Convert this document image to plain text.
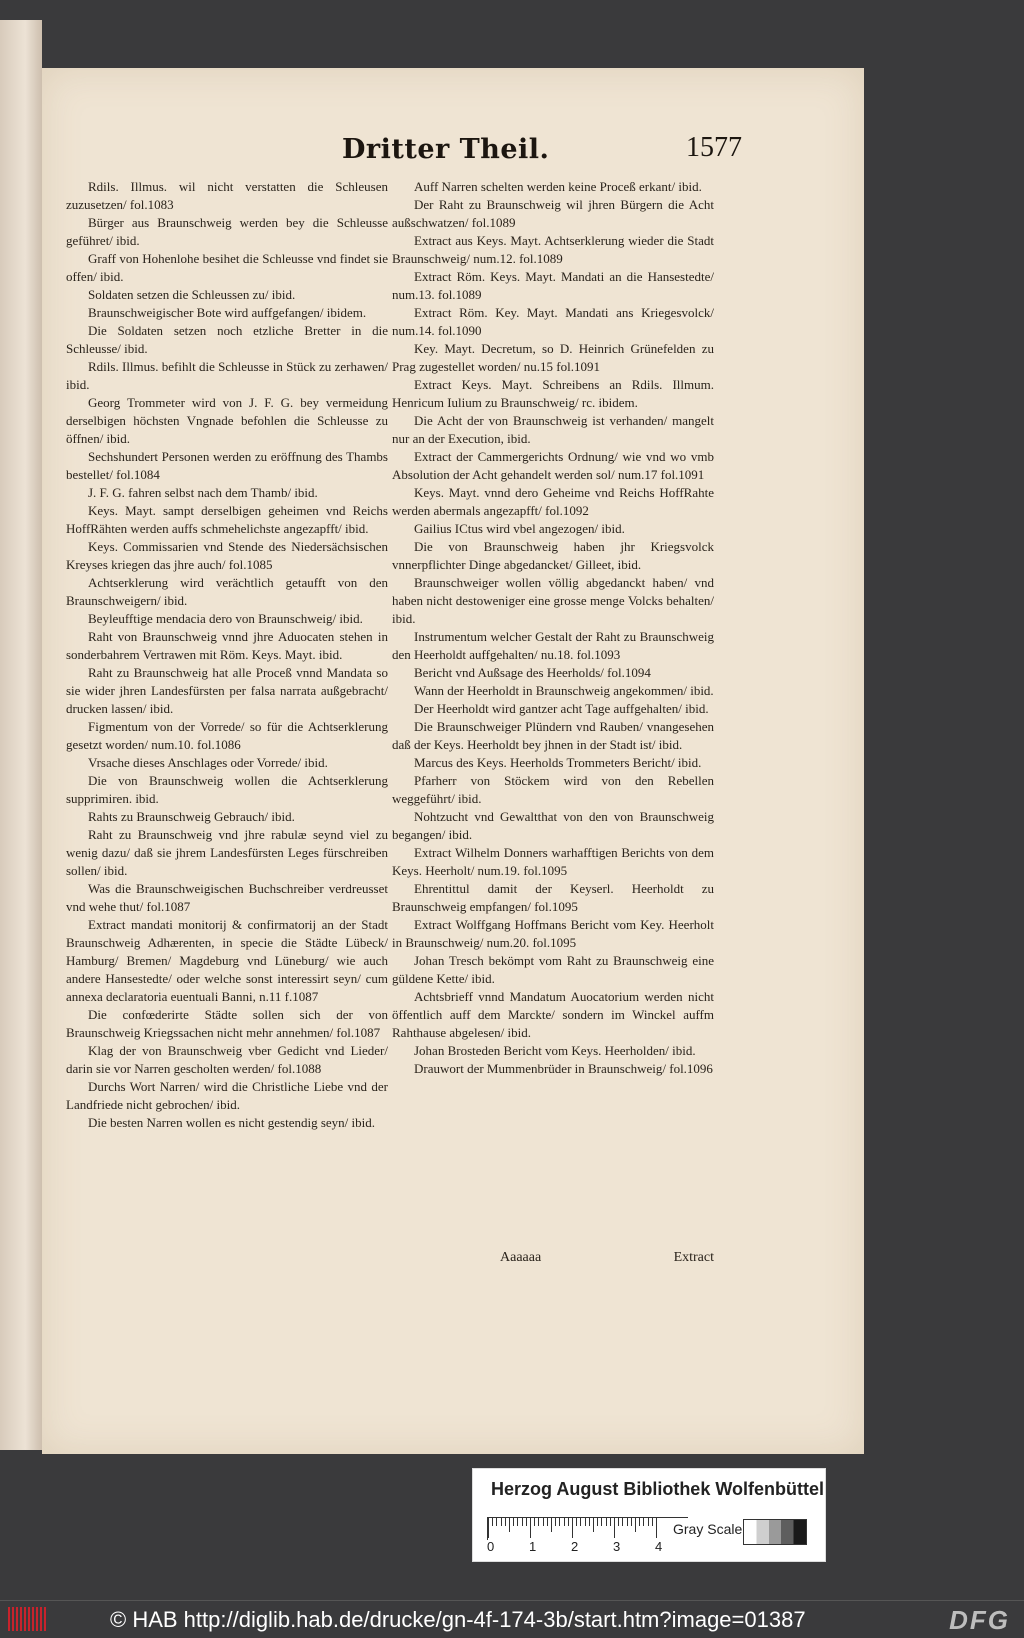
Dritter Theil.	1577
Rdils. Illmus. wil nicht verstatten die Schleusen zuzusetzen/ fol.1083
Bürger aus Braunschweig werden bey die Schleusse geführet/ ibid.
Graff von Hohenlohe besihet die Schleusse vnd findet sie offen/ ibid.
Soldaten setzen die Schleussen zu/ ibid.
Braunschweigischer Bote wird auffgefangen/ ibidem.
Die Soldaten setzen noch etzliche Bretter in die Schleusse/ ibid.
Rdils. Illmus. befihlt die Schleusse in Stück zu zerhawen/ ibid.
Georg Trommeter wird von J. F. G. bey vermeidung derselbigen höchsten Vngnade befohlen die Schleusse zu öffnen/ ibid.
Sechshundert Personen werden zu eröffnung des Thambs bestellet/ fol.1084
J. F. G. fahren selbst nach dem Thamb/ ibid.
Keys. Mayt. sampt derselbigen geheimen vnd Reichs HoffRähten werden auffs schmehelichste angezapfft/ ibid.
Keys. Commissarien vnd Stende des Niedersächsischen Kreyses kriegen das jhre auch/ fol.1085
Achtserklerung wird verächtlich getaufft von den Braunschweigern/ ibid.
Beyleufftige mendacia dero von Braunschweig/ ibid.
Raht von Braunschweig vnnd jhre Aduocaten stehen in sonderbahrem Vertrawen mit Röm. Keys. Mayt. ibid.
Raht zu Braunschweig hat alle Proceß vnnd Mandata so sie wider jhren Landesfürsten per falsa narrata außgebracht/ drucken lassen/ ibid.
Figmentum von der Vorrede/ so für die Achtserklerung gesetzt worden/ num.10. fol.1086
Vrsache dieses Anschlages oder Vorrede/ ibid.
Die von Braunschweig wollen die Achtserklerung supprimiren. ibid.
Rahts zu Braunschweig Gebrauch/ ibid.
Raht zu Braunschweig vnd jhre rabulæ seynd viel zu wenig dazu/ daß sie jhrem Landesfürsten Leges fürschreiben sollen/ ibid.
Was die Braunschweigischen Buchschreiber verdreusset vnd wehe thut/ fol.1087
Extract mandati monitorij & confirmatorij an der Stadt Braunschweig Adhærenten, in specie die Städte Lübeck/ Hamburg/ Bremen/ Magdeburg vnd Lüneburg/ wie auch andere Hansestedte/ oder welche sonst interessirt seyn/ cum annexa declaratoria euentuali Banni, n.11 f.1087
Die confœderirte Städte sollen sich der von Braunschweig Kriegssachen nicht mehr annehmen/ fol.1087
Klag der von Braunschweig vber Gedicht vnd Lieder/ darin sie vor Narren gescholten werden/ fol.1088
Durchs Wort Narren/ wird die Christliche Liebe vnd der Landfriede nicht gebrochen/ ibid.
Die besten Narren wollen es nicht gestendig seyn/ ibid.
Auff Narren schelten werden keine Proceß erkant/ ibid.
Der Raht zu Braunschweig wil jhren Bürgern die Acht außschwatzen/ fol.1089
Extract aus Keys. Mayt. Achtserklerung wieder die Stadt Braunschweig/ num.12. fol.1089
Extract Röm. Keys. Mayt. Mandati an die Hansestedte/ num.13. fol.1089
Extract Röm. Key. Mayt. Mandati ans Kriegesvolck/ num.14. fol.1090
Key. Mayt. Decretum, so D. Heinrich Grünefelden zu Prag zugestellet worden/ nu.15 fol.1091
Extract Keys. Mayt. Schreibens an Rdils. Illmum. Henricum Iulium zu Braunschweig/ rc. ibidem.
Die Acht der von Braunschweig ist verhanden/ mangelt nur an der Execution, ibid.
Extract der Cammergerichts Ordnung/ wie vnd wo vmb Absolution der Acht gehandelt werden sol/ num.17 fol.1091
Keys. Mayt. vnnd dero Geheime vnd Reichs HoffRahte werden abermals angezapfft/ fol.1092
Gailius ICtus wird vbel angezogen/ ibid.
Die von Braunschweig haben jhr Kriegsvolck vnnerpflichter Dinge abgedancket/ Gilleet, ibid.
Braunschweiger wollen völlig abgedanckt haben/ vnd haben nicht destoweniger eine grosse menge Volcks behalten/ ibid.
Instrumentum welcher Gestalt der Raht zu Braunschweig den Heerholdt auffgehalten/ nu.18. fol.1093
Bericht vnd Außsage des Heerholds/ fol.1094
Wann der Heerholdt in Braunschweig angekommen/ ibid.
Der Heerholdt wird gantzer acht Tage auffgehalten/ ibid.
Die Braunschweiger Plündern vnd Rauben/ vnangesehen daß der Keys. Heerholdt bey jhnen in der Stadt ist/ ibid.
Marcus des Keys. Heerholds Trommeters Bericht/ ibid.
Pfarherr von Stöckem wird von den Rebellen weggeführt/ ibid.
Nohtzucht vnd Gewaltthat von den von Braunschweig begangen/ ibid.
Extract Wilhelm Donners warhafftigen Berichts von dem Keys. Heerholt/ num.19. fol.1095
Ehrentittul damit der Keyserl. Heerholdt zu Braunschweig empfangen/ fol.1095
Extract Wolffgang Hoffmans Bericht vom Key. Heerholt in Braunschweig/ num.20. fol.1095
Johan Tresch bekömpt vom Raht zu Braunschweig eine güldene Kette/ ibid.
Achtsbrieff vnnd Mandatum Auocatorium werden nicht öffentlich auff dem Marckte/ sondern im Winckel auffm Rahthause abgelesen/ ibid.
Johan Brosteden Bericht vom Keys. Heerholden/ ibid.
Drauwort der Mummenbrüder in Braunschweig/ fol.1096
Aaaaaa	Extract
Herzog August Bibliothek Wolfenbüttel
0	1	2	3	4
Gray Scale
© HAB http://diglib.hab.de/drucke/gn-4f-174-3b/start.htm?image=01387	DFG
